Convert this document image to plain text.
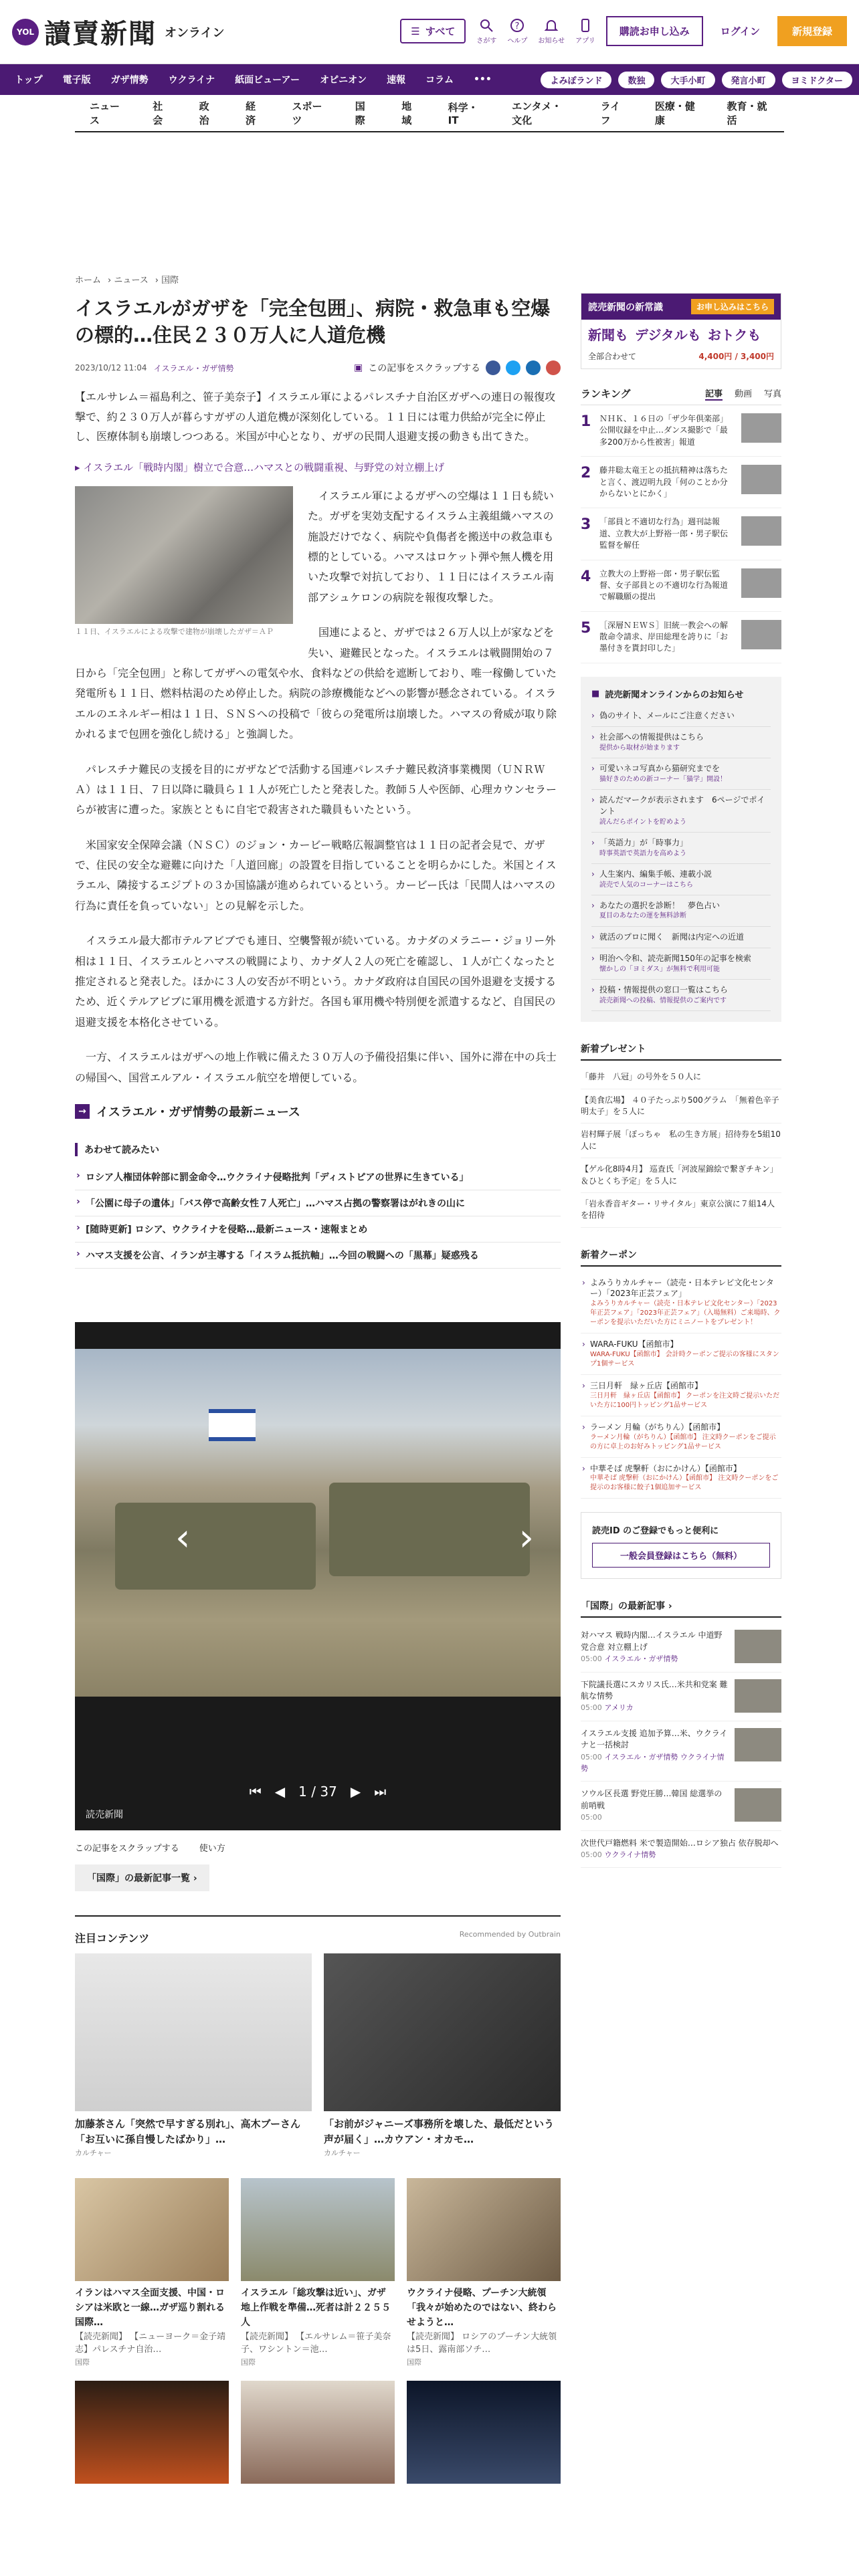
YOL 讀賣新聞 オンライン	☰ すべて
さがす
?
ヘルプ お知らせ アプリ
購読お申し込み	ログイン	新規登録
トップ	電子版	ガザ情勢	ウクライナ	紙面ビューアー	オピニオン	速報	コラム	•••	よみぽランド	数独	大手小町	発言小町	ヨミドクター
ニュース
社会
政治
経済
スポーツ
国際
地域
科学・IT
エンタメ・文化
ライフ
医療・健康
教育・就活
ホーム › ニュース › 国際
イスラエルがガザを「完全包囲」、病院・救急車も空爆の標的…住民２３０万人に人道危機
2023/10/12 11:04 イスラエル・ガザ情勢	▣ この記事をスクラップする

【エルサレム＝福島利之、笹子美奈子】イスラエル軍によるパレスチナ自治区ガザへの連日の報復攻撃で、約２３０万人が暮らすガザの人道危機が深刻化している。１１日には電力供給が完全に停止し、医療体制も崩壊しつつある。米国が中心となり、ガザの民間人退避支援の動きも出てきた。

▸ イスラエル「戦時内閣」樹立で合意…ハマスとの戦闘重視、与野党の対立棚上げ
１１日、イスラエルによる攻撃で建物が崩壊したガザ＝ＡＰ

イスラエル軍によるガザへの空爆は１１日も続いた。ガザを実効支配するイスラム主義組織ハマスの施設だけでなく、病院や負傷者を搬送中の救急車も標的としている。ハマスはロケット弾や無人機を用いた攻撃で対抗しており、１１日にはイスラエル南部アシュケロンの病院を報復攻撃した。

国連によると、ガザでは２６万人以上が家などを失い、避難民となった。イスラエルは戦闘開始の７日から「完全包囲」と称してガザへの電気や水、食料などの供給を遮断しており、唯一稼働していた発電所も１１日、燃料枯渇のため停止した。病院の診療機能などへの影響が懸念されている。イスラエルのエネルギー相は１１日、ＳＮＳへの投稿で「彼らの発電所は崩壊した。ハマスの脅威が取り除かれるまで包囲を強化し続ける」と強調した。

パレスチナ難民の支援を目的にガザなどで活動する国連パレスチナ難民救済事業機関（ＵＮＲＷＡ）は１１日、７日以降に職員ら１１人が死亡したと発表した。教師５人や医師、心理カウンセラーらが被害に遭った。家族とともに自宅で殺害された職員もいたという。

米国家安全保障会議（ＮＳＣ）のジョン・カービー戦略広報調整官は１１日の記者会見で、ガザで、住民の安全な避難に向けた「人道回廊」の設置を目指していることを明らかにした。米国とイスラエル、隣接するエジプトの３か国協議が進められているという。カービー氏は「民間人はハマスの行為に責任を負っていない」との見解を示した。

イスラエル最大都市テルアビブでも連日、空襲警報が続いている。カナダのメラニー・ジョリー外相は１１日、イスラエルとハマスの戦闘により、カナダ人２人の死亡を確認し、１人が亡くなったと推定されると発表した。ほかに３人の安否が不明という。カナダ政府は自国民の国外退避を支援するため、近くテルアビブに軍用機を派遣する方針だ。各国も軍用機や特別便を派遣するなど、自国民の退避支援を本格化させている。

一方、イスラエルはガザへの地上作戦に備えた３０万人の予備役招集に伴い、国外に滞在中の兵士の帰国へ、国営エルアル・イスラエル航空を増便している。

→ イスラエル・ガザ情勢の最新ニュース
あわせて読みたい
› ロシア人権団体幹部に罰金命令…ウクライナ侵略批判「ディストピアの世界に生きている」
› 「公園に母子の遺体」「バス停で高齢女性７人死亡」…ハマス占拠の警察署はがれきの山に
› [随時更新] ロシア、ウクライナを侵略…最新ニュース・速報まとめ
› ハマス支援を公言、イランが主導する「イスラム抵抗軸」…今回の戦闘への「黒幕」疑惑残る
‹	›
⏮ ◀ 1 / 37 ▶ ⏭
読売新聞
この記事をスクラップする 使い方
「国際」の最新記事一覧 ›
注目コンテンツ	Recommended by Outbrain
加藤茶さん「突然で早すぎる別れ」、高木ブーさん「お互いに孫自慢したばかり」…
カルチャー
「お前がジャニーズ事務所を壊した、最低だという声が届く」…カウアン・オカモ…
カルチャー
イランはハマス全面支援、中国・ロシアは米欧と一線…ガザ巡り割れる国際…
【読売新聞】 【ニューヨーク＝金子靖志】パレスチナ自治…
国際
イスラエル「総攻撃は近い」、ガザ地上作戦を準備…死者は計２２５５人
【読売新聞】 【エルサレム＝笹子美奈子、ワシントン＝池…
国際
ウクライナ侵略、プーチン大統領「我々が始めたのではない、終わらせようと…
【読売新聞】 ロシアのプーチン大統領は5日、露南部ソチ…
国際
読売新聞の新常識	お申し込みはこちら
新聞も デジタルも おトクも
全部合わせて	4,400円 / 3,400円
ランキング	記事 動画 写真
1 ＮＨＫ、１６日の「ザ少年倶楽部」公開収録を中止…ダンス撮影で「最多200万から性被害」報道
2 藤井聡太竜王との抵抗精神は落ちたと言く、渡辺明九段「何のことか分からないとにかく」
3 「部員と不適切な行為」週刊誌報道、立教大が上野裕一郎・男子駅伝監督を解任
4 立教大の上野裕一郎・男子駅伝監督、女子部員との不適切な行為報道で解職願の提出
5 ［深層ＮＥＷＳ］旧統一教会への解散命令請求、岸田総理を誇りに「お墨付きを貰封印した」
■ 読売新聞オンラインからのお知らせ
› 偽のサイト、メールにご注意ください
› 社会部への情報提供はこちら
提供から取材が始まります
› 可愛いネコ写真から猫研究までを
猫好きのための新コーナー「猫学」開設！
› 読んだマークが表示されます　6ページでポイント
読んだらポイントを貯めよう
› 「英語力」が「時事力」
時事英語で英語力を高めよう
› 人生案内、編集手帳、連載小説
読売で人気のコーナーはこちら
› あなたの選択を診断！　夢色占い
夏目のあなたの運を無料診断
› 就活のプロに聞く　新聞は内定への近道
› 明治へ令和、読売新聞150年の記事を検索
懐かしの「ヨミダス」が無料で利用可能
› 投稿・情報提供の窓口一覧はこちら
読売新聞への投稿、情報提供のご案内です
新着プレゼント
「藤井　八冠」の号外を５０人に
【美食広場】 ４０子たっぷり500グラム　「無着色辛子明太子」を５人に
岩村輝子展「ぽっちゃ　私の生き方展」招待券を5組10人に
【ゲル化8時4月】 巡査氏「河波屋錦絵で繋ぎチキン」＆ひとくち予定」を５人に
「岩永香音ギター・リサイタル」東京公演に７組14人を招待
新着クーポン
› よみうりカルチャー（読売・日本テレビ文化センター）「2023年正芸フェア」
よみうりカルチャー（読売・日本テレビ文化センター）「2023年正芸フェア」「2023年正芸フェア」（入場無料）ご来場時、クーポンを提示いただいた方にミニノートをプレゼント！
› WARA-FUKU【函館市】
WARA-FUKU【函館市】 会計時クーポンご提示の客様にスタンプ1個サービス
› 三日月軒　緑ヶ丘店【函館市】
三日月軒　緑ヶ丘店【函館市】 クーポンを注文時ご提示いただいた方に100円トッピング1品サービス
› ラーメン 月輪（がちりん）【函館市】
ラーメン月輪（がちりん）【函館市】 注文時クーポンをご提示の方に卓上のお好みトッピング1品サービス
› 中華そば 虎撃軒（おにかけん）【函館市】
中華そば 虎撃軒（おにかけん）【函館市】 注文時クーポンをご提示のお客様に餃子1個追加サービス
読売ID のご登録でもっと便利に
一般会員登録はこちら（無料）
「国際」の最新記事 ›
対ハマス 戦時内閣…イスラエル 中道野党合意 対立棚上げ
05:00 イスラエル・ガザ情勢
下院議長選にスカリス氏…米共和党案 難航な情勢
05:00 アメリカ
イスラエル支援 追加予算…米、ウクライナと一括検討
05:00 イスラエル・ガザ情勢 ウクライナ情勢
ソウル区長選 野党圧勝…韓国 総選挙の前哨戦
05:00
次世代戸籍燃料 米で製造開始…ロシア独占 依存脱却へ
05:00 ウクライナ情勢
